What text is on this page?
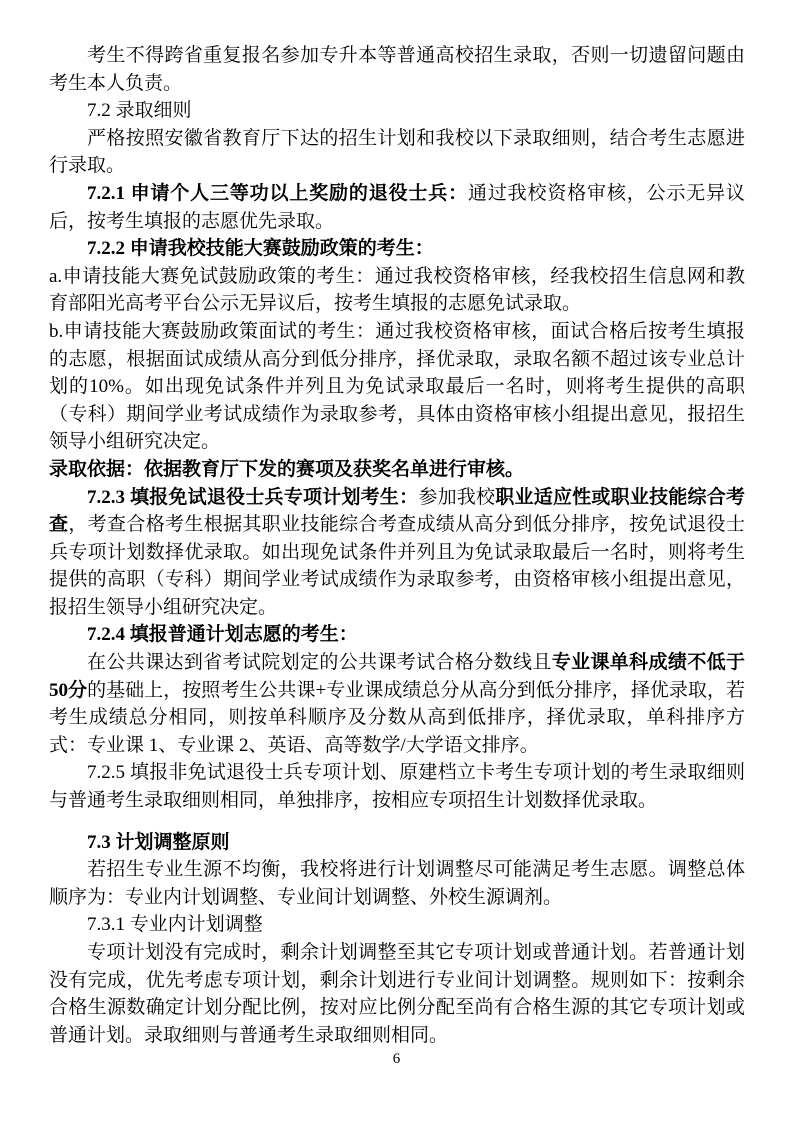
考生不得跨省重复报名参加专升本等普通高校招生录取，否则一切遗留问题由考生本人负责。
7.2 录取细则
严格按照安徽省教育厅下达的招生计划和我校以下录取细则，结合考生志愿进行录取。
7.2.1 申请个人三等功以上奖励的退役士兵：通过我校资格审核，公示无异议后，按考生填报的志愿优先录取。
7.2.2 申请我校技能大赛鼓励政策的考生：
a.申请技能大赛免试鼓励政策的考生：通过我校资格审核，经我校招生信息网和教育部阳光高考平台公示无异议后，按考生填报的志愿免试录取。
b.申请技能大赛鼓励政策面试的考生：通过我校资格审核，面试合格后按考生填报的志愿，根据面试成绩从高分到低分排序，择优录取，录取名额不超过该专业总计划的10%。如出现免试条件并列且为免试录取最后一名时，则将考生提供的高职（专科）期间学业考试成绩作为录取参考，具体由资格审核小组提出意见，报招生领导小组研究决定。
录取依据：依据教育厅下发的赛项及获奖名单进行审核。
7.2.3 填报免试退役士兵专项计划考生：参加我校职业适应性或职业技能综合考查，考查合格考生根据其职业技能综合考查成绩从高分到低分排序，按免试退役士兵专项计划数择优录取。如出现免试条件并列且为免试录取最后一名时，则将考生提供的高职（专科）期间学业考试成绩作为录取参考，由资格审核小组提出意见，报招生领导小组研究决定。
7.2.4 填报普通计划志愿的考生：
在公共课达到省考试院划定的公共课考试合格分数线且专业课单科成绩不低于 50分的基础上，按照考生公共课+专业课成绩总分从高分到低分排序，择优录取，若考生成绩总分相同，则按单科顺序及分数从高到低排序，择优录取，单科排序方式：专业课 1、专业课 2、英语、高等数学/大学语文排序。
7.2.5 填报非免试退役士兵专项计划、原建档立卡考生专项计划的考生录取细则与普通考生录取细则相同，单独排序，按相应专项招生计划数择优录取。
7.3 计划调整原则
若招生专业生源不均衡，我校将进行计划调整尽可能满足考生志愿。调整总体顺序为：专业内计划调整、专业间计划调整、外校生源调剂。
7.3.1 专业内计划调整
专项计划没有完成时，剩余计划调整至其它专项计划或普通计划。若普通计划没有完成，优先考虑专项计划，剩余计划进行专业间计划调整。规则如下：按剩余合格生源数确定计划分配比例，按对应比例分配至尚有合格生源的其它专项计划或普通计划。录取细则与普通考生录取细则相同。
6
